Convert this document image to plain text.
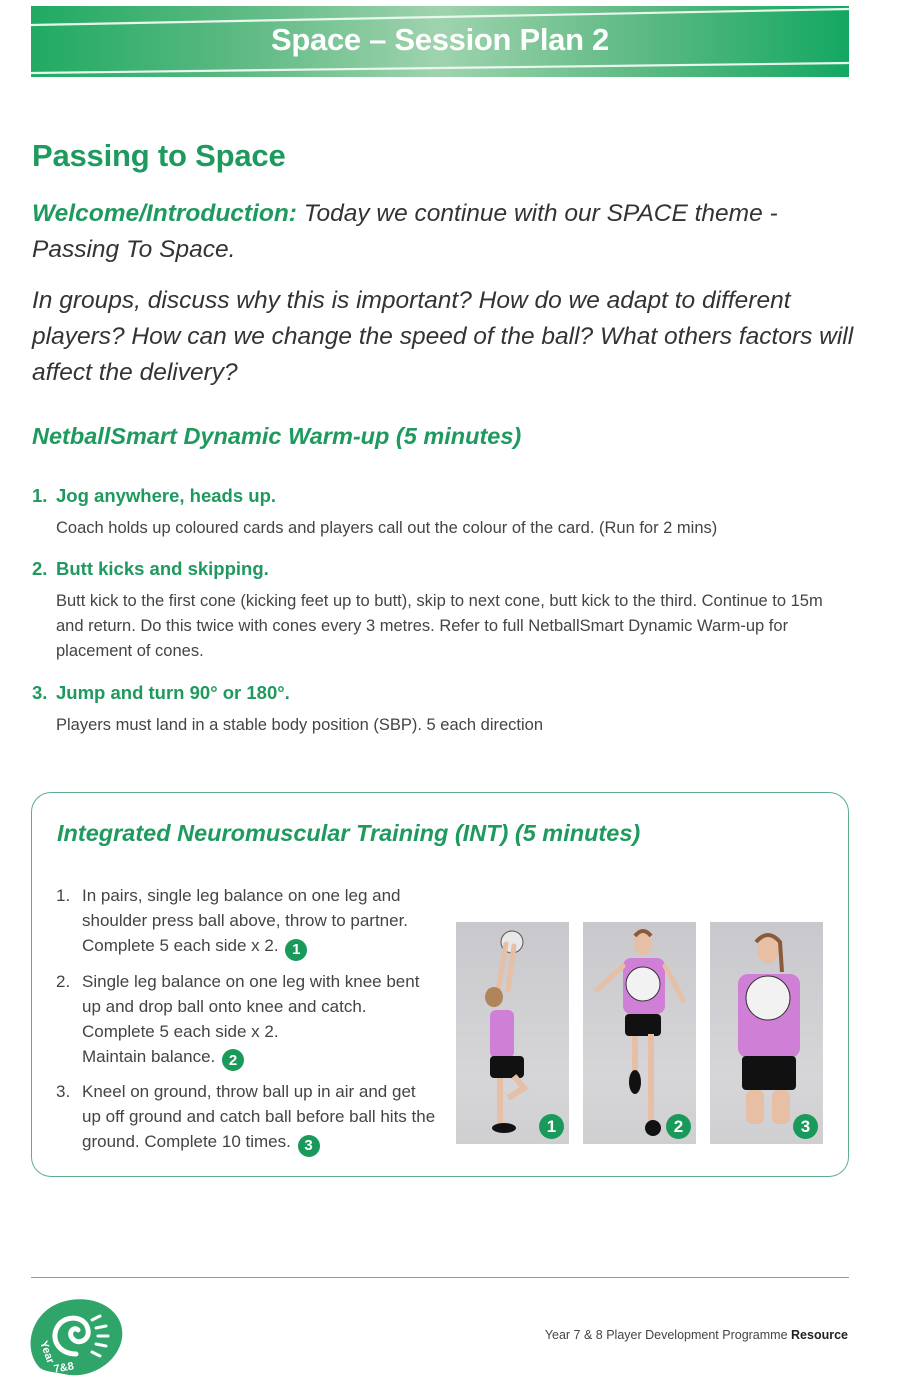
Space – Session Plan 2
Passing to Space
Welcome/Introduction: Today we continue with our SPACE theme - Passing To Space.
In groups, discuss why this is important? How do we adapt to different players? How can we change the speed of the ball? What others factors will affect the delivery?
NetballSmart Dynamic Warm-up (5 minutes)
1. Jog anywhere, heads up.
Coach holds up coloured cards and players call out the colour of the card. (Run for 2 mins)
2. Butt kicks and skipping.
Butt kick to the first cone (kicking feet up to butt), skip to next cone, butt kick to the third. Continue to 15m and return. Do this twice with cones every 3 metres. Refer to full NetballSmart Dynamic Warm-up for placement of cones.
3. Jump and turn 90° or 180°.
Players must land in a stable body position (SBP). 5 each direction
Integrated Neuromuscular Training (INT) (5 minutes)
1. In pairs, single leg balance on one leg and shoulder press ball above, throw to partner. Complete 5 each side x 2. 1
2. Single leg balance on one leg with knee bent up and drop ball onto knee and catch. Complete 5 each side x 2.
Maintain balance. 2
3. Kneel on ground, throw ball up in air and get up off ground and catch ball before ball hits the ground. Complete 10 times. 3
1	2	3
Year
7&8
Year 7 & 8 Player Development Programme Resource
